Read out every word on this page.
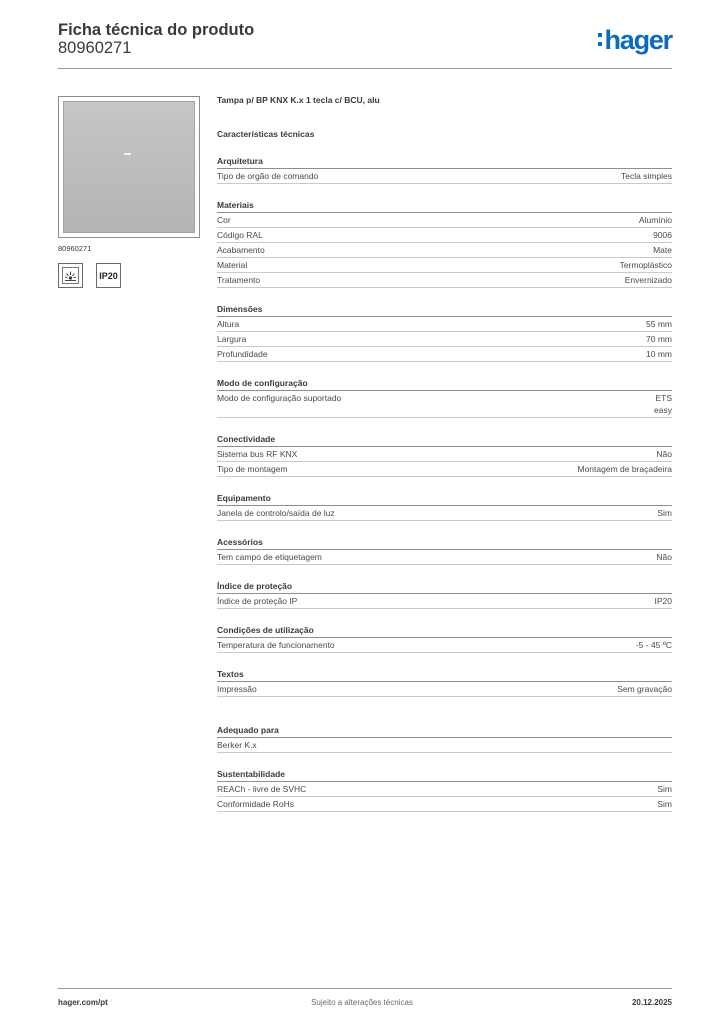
Ficha técnica do produto
80960271	hager
80960271
IP20
Tampa p/ BP KNX K.x 1 tecla c/ BCU, alu
Características técnicas
Arquitetura
Tipo de orgão de comando	Tecla simples
Materiais
Cor	Alumínio
Código RAL	9006
Acabamento	Mate
Material	Termoplástico
Tratamento	Envernizado
Dimensões
Altura	55 mm
Largura	70 mm
Profundidade	10 mm
Modo de configuração
Modo de configuração suportado	ETS
easy
Conectividade
Sistema bus RF KNX	Não
Tipo de montagem	Montagem de braçadeira
Equipamento
Janela de controlo/saída de luz	Sim
Acessórios
Tem campo de etiquetagem	Não
Índice de proteção
Índice de proteção IP	IP20
Condições de utilização
Temperatura de funcionamento	-5 - 45 ºC
Textos
Impressão	Sem gravação
Adequado para
Berker K.x
Sustentabilidade
REACh - livre de SVHC	Sim
Conformidade RoHs	Sim
hager.com/pt	Sujeito a alterações técnicas	20.12.2025
